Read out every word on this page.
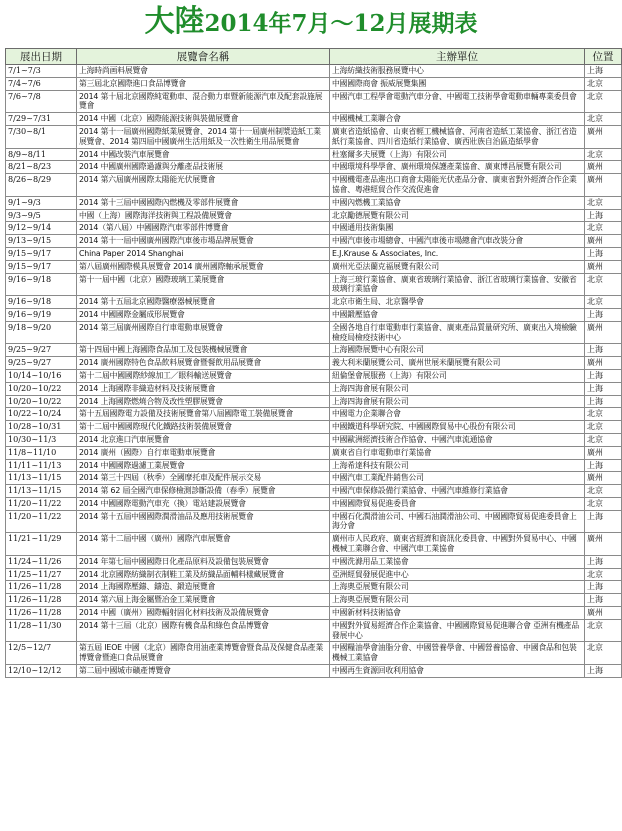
大陸2014年7月～12月展期表
展出日期	展覽會名稱	主辦單位	位置
7/1~7/3	上海時尚画料展覽會	上海紡織技術服務展覽中心	上海
7/4~7/6	第三屆北京國際進口食品博覽會	中國國際商會 振威展覽集團	北京
7/6~7/8	2014 第十屆北京國際純電動車、混合動力車暨新能源汽車及配套設施展覽會	中國汽車工程學會電動汽車分會、中國電工技術學會電動車輛專業委員會	北京
7/29~7/31	2014 中國（北京）國際能源技術與裝備展覽會	中國機械工業聯合會	北京
7/30~8/1	2014 第十一屆廣州國際紙業展覽會、2014 第十一屆廣州制漿造紙工業展覽會、2014 第四屆中國廣州生活用紙及一次性衛生用品展覽會	廣東省造紙協會、山東省輕工機械協會、河南省造紙工業協會、浙江省造紙行業協會、四川省造紙行業協會、廣西壯族自治區造紙學會	廣州
8/9~8/11	2014 中國改裝汽車展覽會	杜塞爾多夫展覽（上海）有限公司	北京
8/21~8/23	2014 中國廣州國際過濾與分離產品技術展	中國環境科學學會、廣州環境保護產業協會、廣東博昌展覽有限公司	廣州
8/26~8/29	2014 第六屆廣州國際太陽能光伏展覽會	中國機電產品進出口商會太陽能光伏產品分會、廣東省對外經濟合作企業協會、粵港經貿合作交流促進會	廣州
9/1~9/3	2014 第十三屆中國國際內燃機及零部件展覽會	中國內燃機工業協會	北京
9/3~9/5	中國（上海）國際海洋技術與工程設備展覽會	北京勵德展覽有限公司	上海
9/12~9/14	2014（第八屆）中國國際汽車零部件博覽會	中國通用技術集團	北京
9/13~9/15	2014 第十一屆中國廣州國際汽車後市場品牌展覽會	中國汽車後市場總會、中國汽車後市場總會汽車改裝分會	廣州
9/15~9/17	China Paper 2014 Shanghai	E.J.Krause & Associates, Inc.	上海
9/15~9/17	第八屆廣州國際模具展覽會 2014 廣州國際軸承展覽會	廣州光亞法蘭克福展覽有限公司	廣州
9/16~9/18	第十一屆中國（北京）國際玻璃工業展覽會	上海三玻行業協會、廣東省玻璃行業協會、浙江省玻璃行業協會、安徽省玻璃行業協會	北京
9/16~9/18	2014 第十五屆北京國際醫療器械展覽會	北京市衛生局、北京醫學會	北京
9/16~9/19	2014 中國國際金屬成形展覽會	中國鍛壓協會	上海
9/18~9/20	2014 第三屆廣州國際自行車電動車展覽會	全國各地自行車電動車行業協會、廣東產品質量研究所、廣東出入境檢驗檢疫局檢疫技術中心	廣州
9/25~9/27	第十四屆中國上海國際食品加工及包裝機械展覽會	上海國際展覽中心有限公司	上海
9/25~9/27	2014 廣州國際特色食品飲料展覽會暨餐飲用品展覽會	義大利米蘭展覽公司、廣州世展米蘭展覽有限公司	廣州
10/14~10/16	第十二屆中國國際紗線加工／眼科輸送展覽會	紐倫堡會展服務（上海）有限公司	上海
10/20~10/22	2014 上海國際非織造材料及技術展覽會	上海四海會展有限公司	上海
10/20~10/22	2014 上海國際燃燒合物及改性塑膠展覽會	上海四海會展有限公司	上海
10/22~10/24	第十五屆國際電力設備及技術展覽會第八屆國際電工裝備展覽會	中國電力企業聯合會	北京
10/28~10/31	第十二屆中國國際現代化鐵路技術裝備展覽會	中國鐵道科學研究院、中國國際貿易中心股份有限公司	北京
10/30~11/3	2014 北京進口汽車展覽會	中國歐洲經濟技術合作協會、中國汽車流通協會	北京
11/8~11/10	2014 廣州（國際）自行車電動車展覽會	廣東省自行車電動車行業協會	廣州
11/11~11/13	2014 中國國際過濾工業展覽會	上海希達科技有限公司	上海
11/13~11/15	2014 第三十四屆（秋季）全國摩托車及配件展示交易	中國汽車工業配件銷售公司	廣州
11/13~11/15	2014 第 62 屆全國汽車保修檢測診斷設備（春季）展覽會	中國汽車保修設備行業協會、中國汽車維修行業協會	北京
11/20~11/22	2014 中國國際電動汽車充（換）電站建設展覽會	中國國際貿易促進委員會	北京
11/20~11/22	2014 第十五屆中國國際潤滑油品及應用技術展覽會	中國石化潤滑油公司、中國石油潤滑油公司、中國國際貿易促進委員會上海分會	上海
11/21~11/29	2014 第十二屆中國（廣州）國際汽車展覽會	廣州市人民政府、廣東省經濟和資訊化委員會、中國對外貿易中心、中國機械工業聯合會、中國汽車工業協會	廣州
11/24~11/26	2014 年第七屆中國國際日化產品原料及設備包裝展覽會	中國洗滌用品工業協會	上海
11/25~11/27	2014 北京國際紡織制衣制鞋工業及紡織品面輔料樣藏展覽會	亞洲經貿發展促進中心	北京
11/26~11/28	2014 上海國際壓鑄、鑄造、鍛造展覽會	上海奧亞展覽有限公司	上海
11/26~11/28	2014 第六屆上海金屬暨冶金工業展覽會	上海奧亞展覽有限公司	上海
11/26~11/28	2014 中國（廣州）國際輻射固化材料技術及設備展覽會	中國新材料技術協會	廣州
11/28~11/30	2014 第十三屆（北京）國際有機食品和綠色食品博覽會	中國對外貿易經濟合作企業協會、中國國際貿易促進聯合會 亞洲有機產品發展中心	北京
12/5~12/7	第五屆 IEOE 中國（北京）國際食用油產業博覽會暨食品及保健食品產業博覽會暨進口食品展覽會	中國糧油學會油脂分會、中國營養學會、中國營養協會、中國食品和包裝機械工業協會	北京
12/10~12/12	第二屆中國城市礦產博覽會	中國再生資源回收利用協會	上海
